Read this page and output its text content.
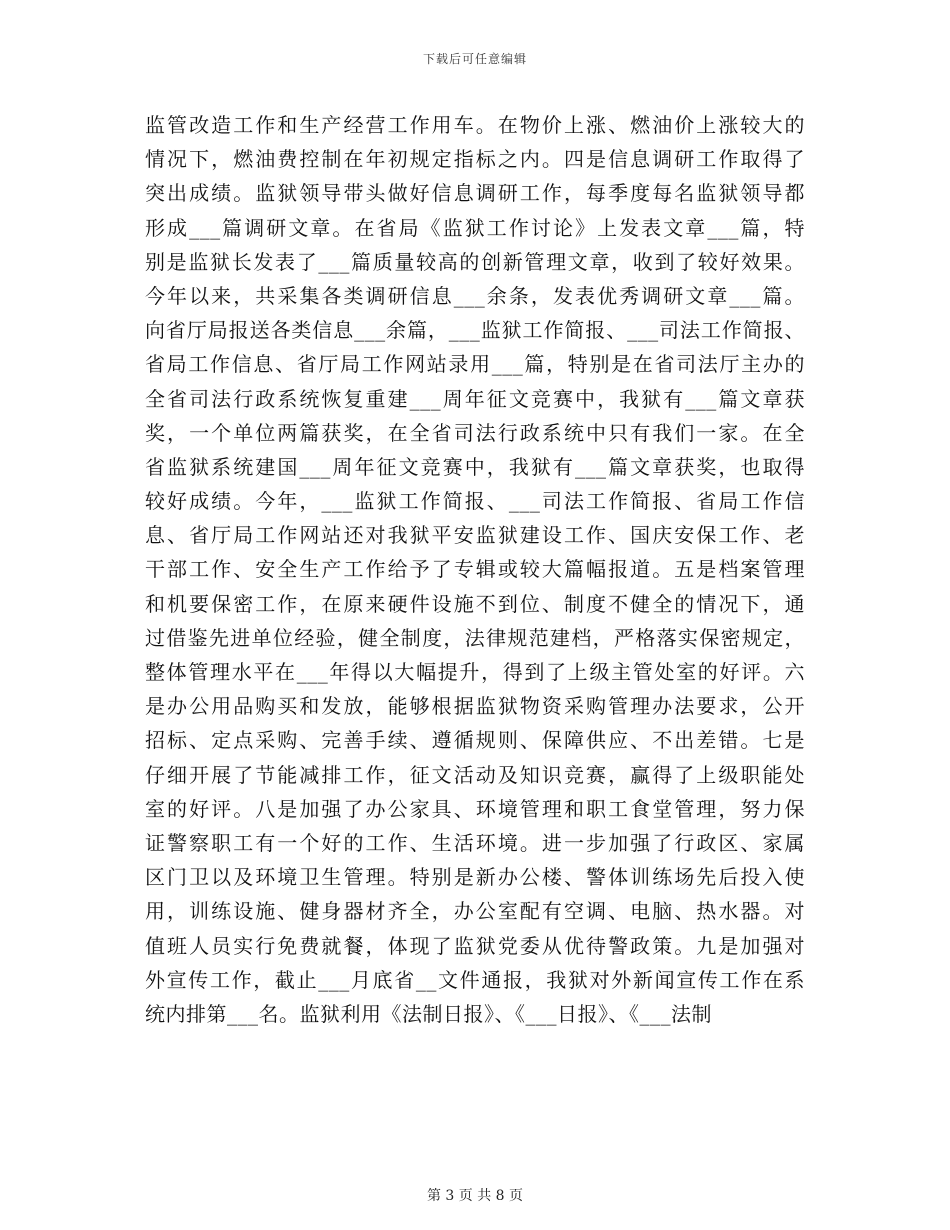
下载后可任意编辑
监管改造工作和生产经营工作用车。在物价上涨、燃油价上涨较大的
情况下，燃油费控制在年初规定指标之内。四是信息调研工作取得了
突出成绩。监狱领导带头做好信息调研工作，每季度每名监狱领导都
形成___篇调研文章。在省局《监狱工作讨论》上发表文章___篇，特
别是监狱长发表了___篇质量较高的创新管理文章，收到了较好效果。
今年以来，共采集各类调研信息___余条，发表优秀调研文章___篇。
向省厅局报送各类信息___余篇，___监狱工作简报、___司法工作简报、
省局工作信息、省厅局工作网站录用___篇，特别是在省司法厅主办的
全省司法行政系统恢复重建___周年征文竞赛中，我狱有___篇文章获
奖，一个单位两篇获奖，在全省司法行政系统中只有我们一家。在全
省监狱系统建国___周年征文竞赛中，我狱有___篇文章获奖，也取得
较好成绩。今年，___监狱工作简报、___司法工作简报、省局工作信
息、省厅局工作网站还对我狱平安监狱建设工作、国庆安保工作、老
干部工作、安全生产工作给予了专辑或较大篇幅报道。五是档案管理
和机要保密工作，在原来硬件设施不到位、制度不健全的情况下，通
过借鉴先进单位经验，健全制度，法律规范建档，严格落实保密规定，
整体管理水平在___年得以大幅提升，得到了上级主管处室的好评。六
是办公用品购买和发放，能够根据监狱物资采购管理办法要求，公开
招标、定点采购、完善手续、遵循规则、保障供应、不出差错。七是
仔细开展了节能减排工作，征文活动及知识竞赛，赢得了上级职能处
室的好评。八是加强了办公家具、环境管理和职工食堂管理，努力保
证警察职工有一个好的工作、生活环境。进一步加强了行政区、家属
区门卫以及环境卫生管理。特别是新办公楼、警体训练场先后投入使
用，训练设施、健身器材齐全，办公室配有空调、电脑、热水器。对
值班人员实行免费就餐，体现了监狱党委从优待警政策。九是加强对
外宣传工作，截止___月底省__文件通报，我狱对外新闻宣传工作在系
统内排第___名。监狱利用《法制日报》、《___日报》、《___法制
第 3 页 共 8 页
